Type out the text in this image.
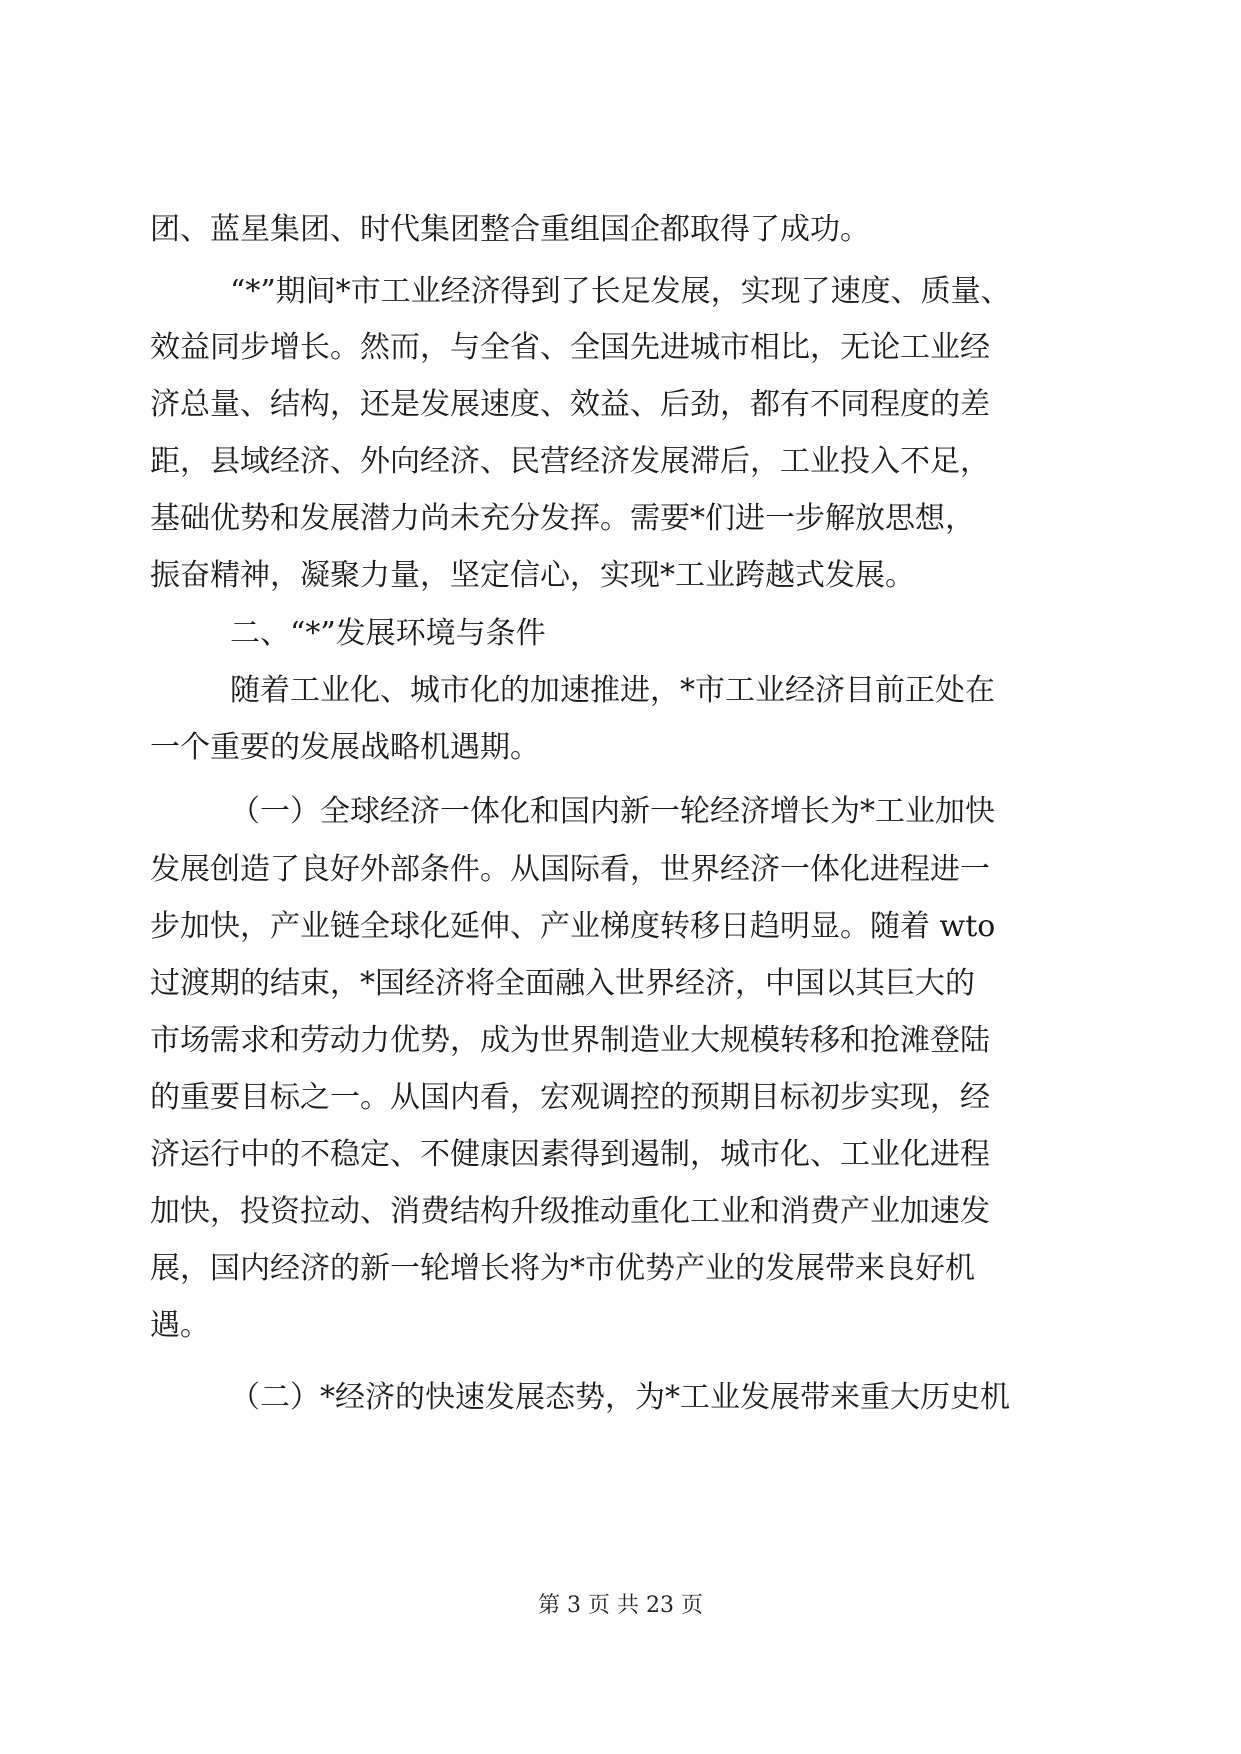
团、蓝星集团、时代集团整合重组国企都取得了成功。
“*”期间*市工业经济得到了长足发展，实现了速度、质量、
效益同步增长。然而，与全省、全国先进城市相比，无论工业经
济总量、结构，还是发展速度、效益、后劲，都有不同程度的差
距，县域经济、外向经济、民营经济发展滞后，工业投入不足，
基础优势和发展潜力尚未充分发挥。需要*们进一步解放思想，
振奋精神，凝聚力量，坚定信心，实现*工业跨越式发展。
二、“*”发展环境与条件
随着工业化、城市化的加速推进，*市工业经济目前正处在
一个重要的发展战略机遇期。
（一）全球经济一体化和国内新一轮经济增长为*工业加快
发展创造了良好外部条件。从国际看，世界经济一体化进程进一
步加快，产业链全球化延伸、产业梯度转移日趋明显。随着 wto
过渡期的结束，*国经济将全面融入世界经济，中国以其巨大的
市场需求和劳动力优势，成为世界制造业大规模转移和抢滩登陆
的重要目标之一。从国内看，宏观调控的预期目标初步实现，经
济运行中的不稳定、不健康因素得到遏制，城市化、工业化进程
加快，投资拉动、消费结构升级推动重化工业和消费产业加速发
展，国内经济的新一轮增长将为*市优势产业的发展带来良好机
遇。
（二）*经济的快速发展态势，为*工业发展带来重大历史机
第 3 页 共 23 页
